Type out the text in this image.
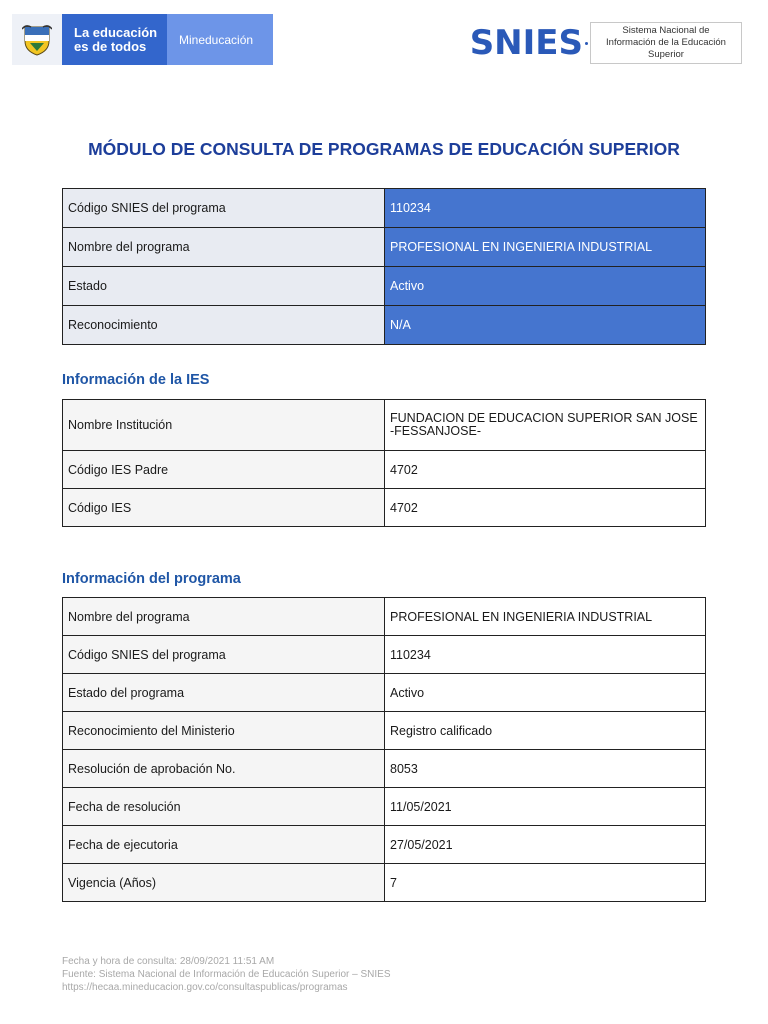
La educación
es de todos	Mineducación	SNIES	Sistema Nacional de Información de la Educación Superior
MÓDULO DE CONSULTA DE PROGRAMAS DE EDUCACIÓN SUPERIOR
Código SNIES del programa	110234
Nombre del programa	PROFESIONAL EN INGENIERIA INDUSTRIAL
Estado	Activo
Reconocimiento	N/A
Información de la IES
Nombre Institución	FUNDACION DE EDUCACION SUPERIOR SAN JOSE -FESSANJOSE-
Código IES Padre	4702
Código IES	4702
Información del programa
Nombre del programa	PROFESIONAL EN INGENIERIA INDUSTRIAL
Código SNIES del programa	110234
Estado del programa	Activo
Reconocimiento del Ministerio	Registro calificado
Resolución de aprobación No.	8053
Fecha de resolución	11/05/2021
Fecha de ejecutoria	27/05/2021
Vigencia (Años)	7
Fecha y hora de consulta: 28/09/2021 11:51 AM
Fuente: Sistema Nacional de Información de Educación Superior – SNIES
https://hecaa.mineducacion.gov.co/consultaspublicas/programas
